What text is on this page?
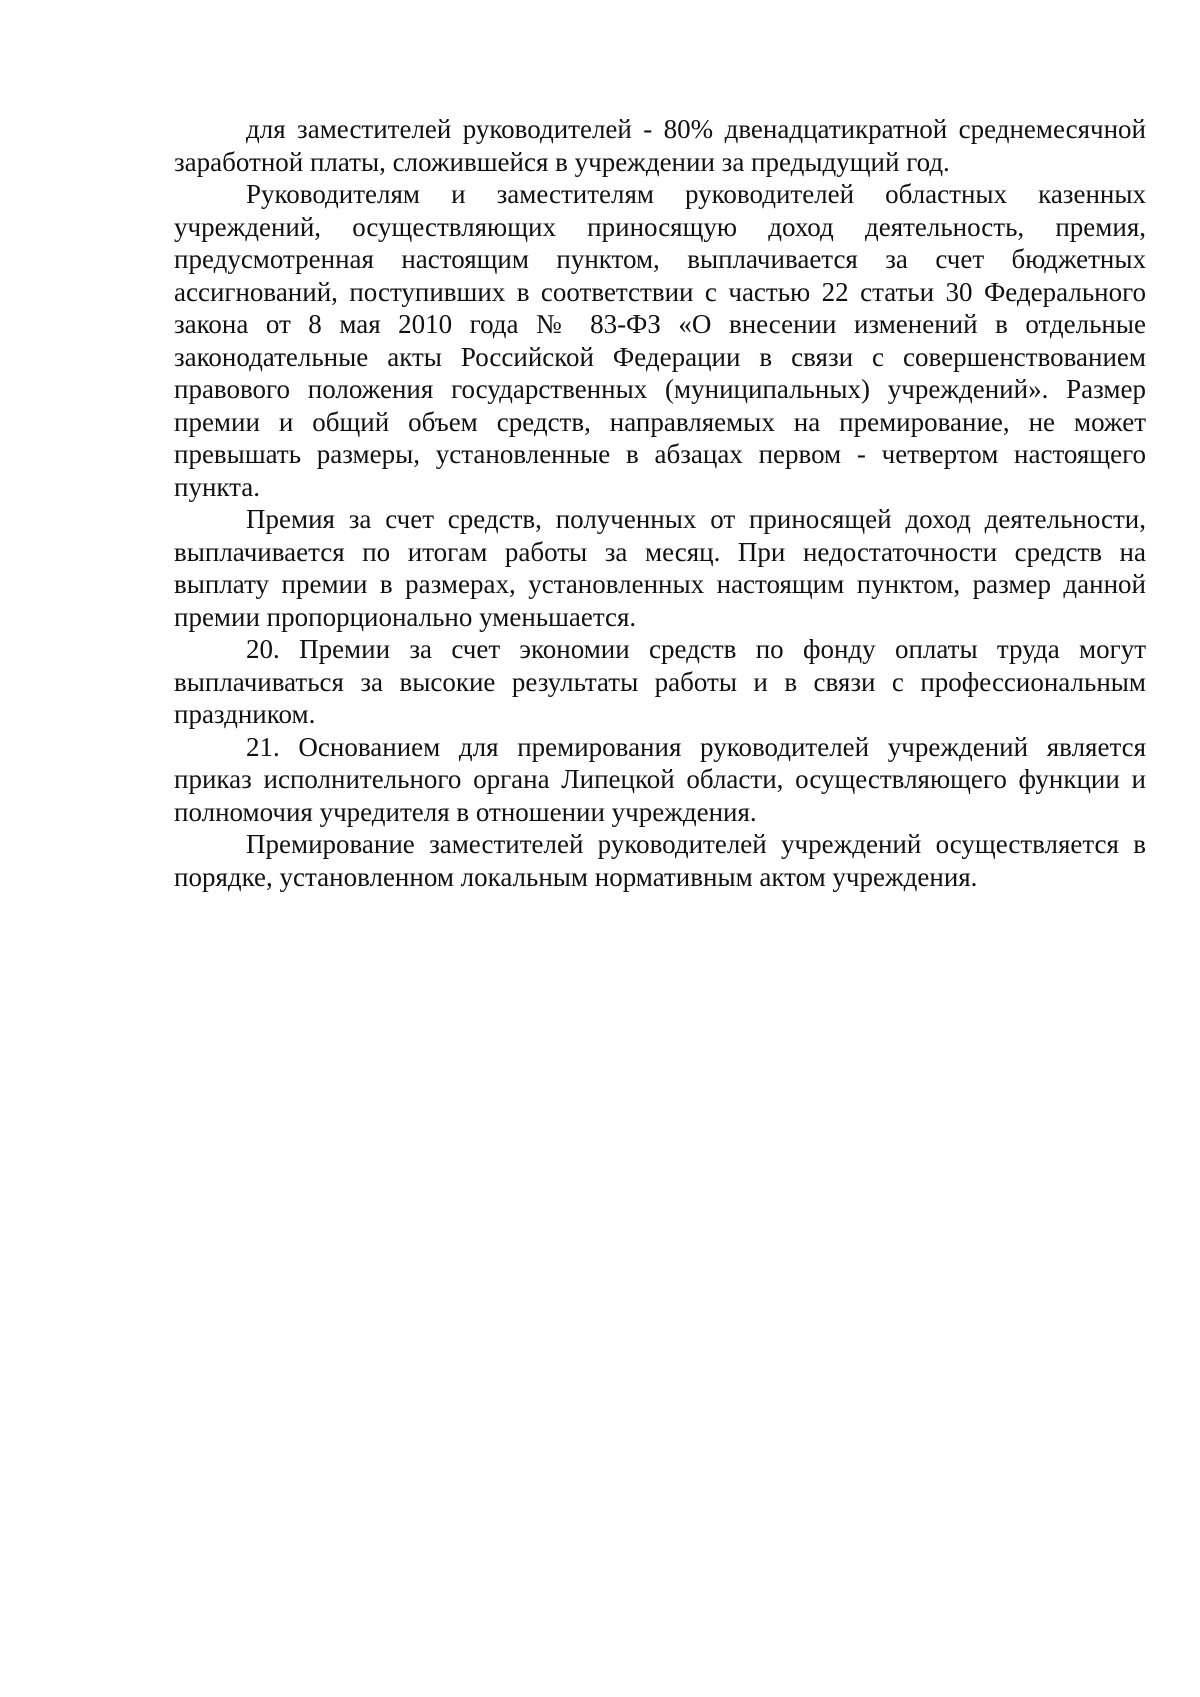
для заместителей руководителей - 80% двенадцатикратной среднемесячной заработной платы, сложившейся в учреждении за предыдущий год.

Руководителям и заместителям руководителей областных казенных учреждений, осуществляющих приносящую доход деятельность, премия, предусмотренная настоящим пунктом, выплачивается за счет бюджетных ассигнований, поступивших в соответствии с частью 22 статьи 30 Федерального закона от 8 мая 2010 года № 83-ФЗ «О внесении изменений в отдельные законодательные акты Российской Федерации в связи с совершенствованием правового положения государственных (муниципальных) учреждений». Размер премии и общий объем средств, направляемых на премирование, не может превышать размеры, установленные в абзацах первом - четвертом настоящего пункта.

Премия за счет средств, полученных от приносящей доход деятельности, выплачивается по итогам работы за месяц. При недостаточности средств на выплату премии в размерах, установленных настоящим пунктом, размер данной премии пропорционально уменьшается.

20. Премии за счет экономии средств по фонду оплаты труда могут выплачиваться за высокие результаты работы и в связи с профессиональным праздником.

21. Основанием для премирования руководителей учреждений является приказ исполнительного органа Липецкой области, осуществляющего функции и полномочия учредителя в отношении учреждения.

Премирование заместителей руководителей учреждений осуществляется в порядке, установленном локальным нормативным актом учреждения.
